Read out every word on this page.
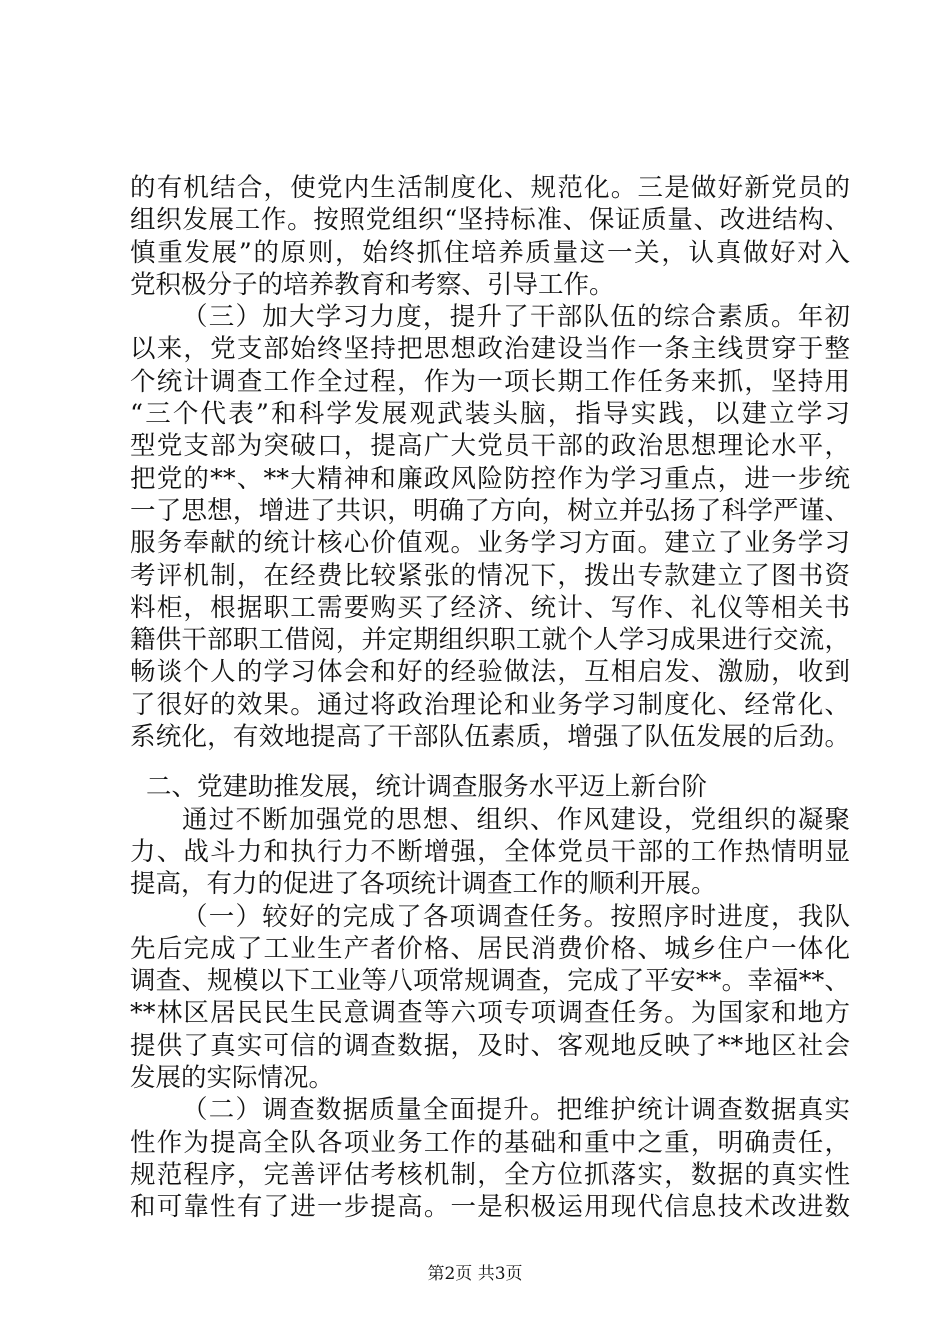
的有机结合，使党内生活制度化、规范化。三是做好新党员的
组织发展工作。按照党组织“坚持标准、保证质量、改进结构、
慎重发展”的原则，始终抓住培养质量这一关，认真做好对入
党积极分子的培养教育和考察、引导工作。
（三）加大学习力度，提升了干部队伍的综合素质。年初
以来，党支部始终坚持把思想政治建设当作一条主线贯穿于整
个统计调查工作全过程，作为一项长期工作任务来抓，坚持用
“三个代表”和科学发展观武装头脑，指导实践，以建立学习
型党支部为突破口，提高广大党员干部的政治思想理论水平，
把党的**、**大精神和廉政风险防控作为学习重点，进一步统
一了思想，增进了共识，明确了方向，树立并弘扬了科学严谨、
服务奉献的统计核心价值观。业务学习方面。建立了业务学习
考评机制，在经费比较紧张的情况下，拨出专款建立了图书资
料柜，根据职工需要购买了经济、统计、写作、礼仪等相关书
籍供干部职工借阅，并定期组织职工就个人学习成果进行交流，
畅谈个人的学习体会和好的经验做法，互相启发、激励，收到
了很好的效果。通过将政治理论和业务学习制度化、经常化、
系统化，有效地提高了干部队伍素质，增强了队伍发展的后劲。
二、党建助推发展，统计调查服务水平迈上新台阶
通过不断加强党的思想、组织、作风建设，党组织的凝聚
力、战斗力和执行力不断增强，全体党员干部的工作热情明显
提高，有力的促进了各项统计调查工作的顺利开展。
（一）较好的完成了各项调查任务。按照序时进度，我队
先后完成了工业生产者价格、居民消费价格、城乡住户一体化
调查、规模以下工业等八项常规调查，完成了平安**。幸福**、
**林区居民民生民意调查等六项专项调查任务。为国家和地方
提供了真实可信的调查数据，及时、客观地反映了**地区社会
发展的实际情况。
（二）调查数据质量全面提升。把维护统计调查数据真实
性作为提高全队各项业务工作的基础和重中之重，明确责任，
规范程序，完善评估考核机制，全方位抓落实，数据的真实性
和可靠性有了进一步提高。一是积极运用现代信息技术改进数
第2页 共3页
